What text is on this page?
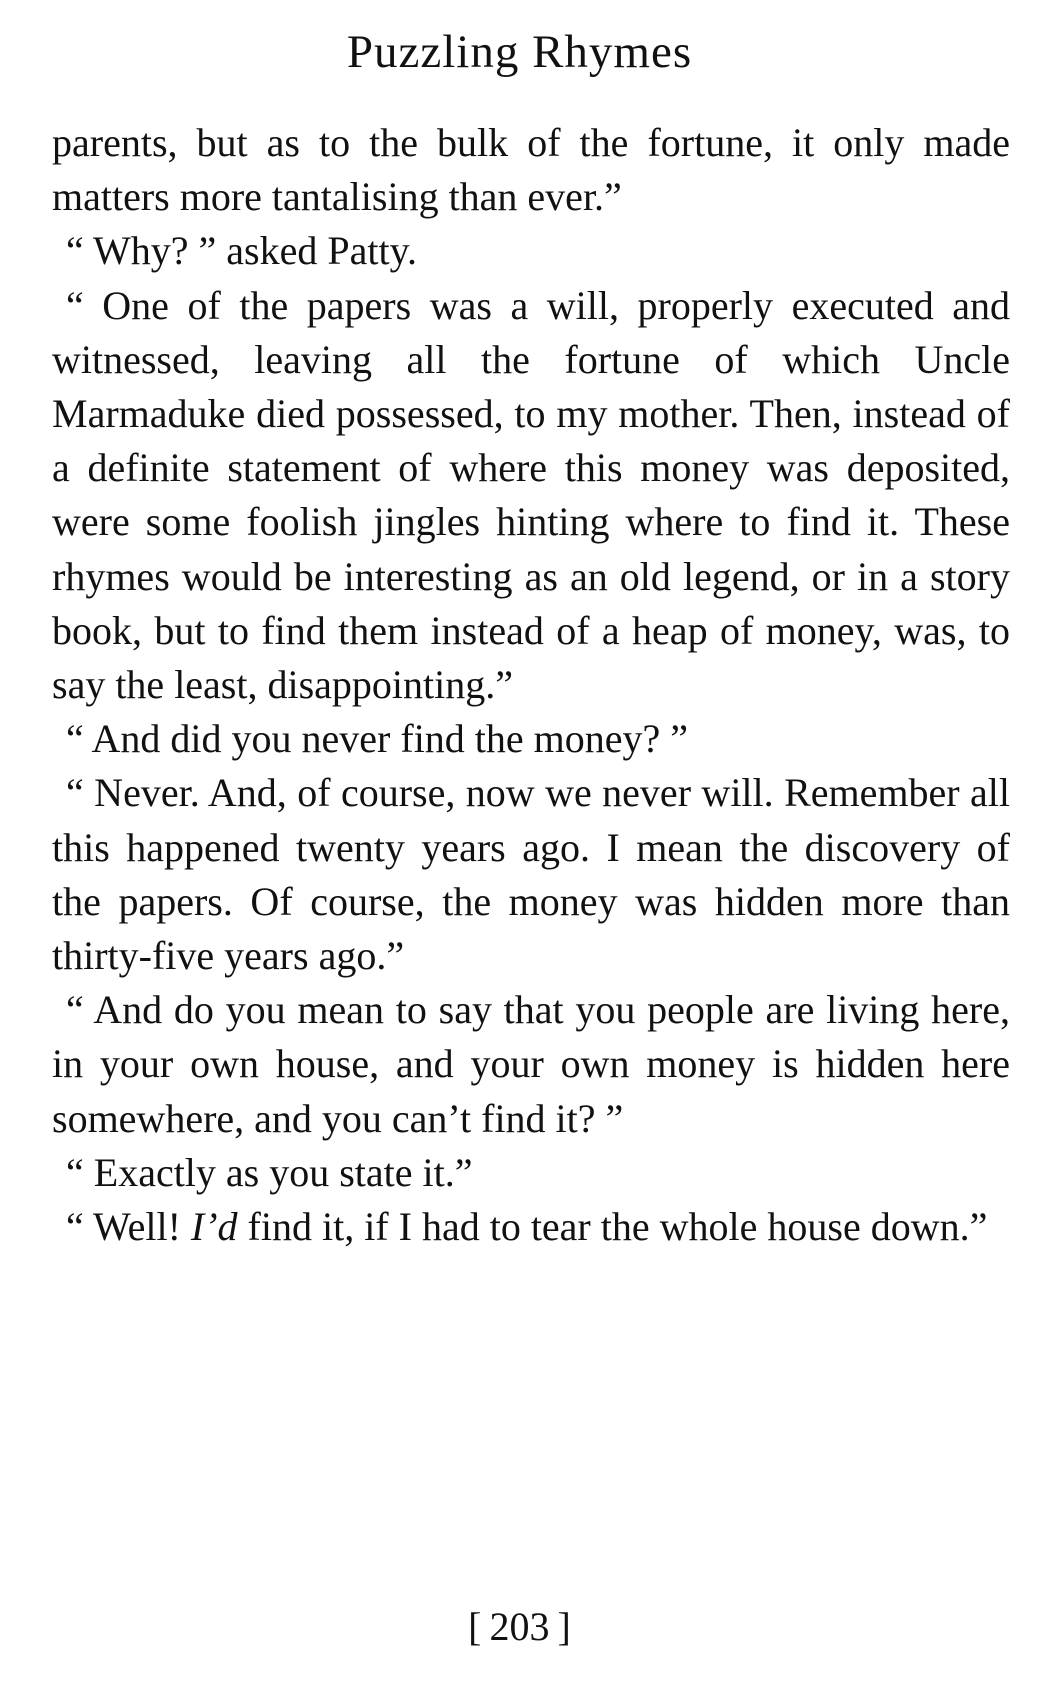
Puzzling Rhymes

parents, but as to the bulk of the fortune, it only made matters more tantalising than ever.”

“ Why? ” asked Patty.

“ One of the papers was a will, properly executed and witnessed, leaving all the fortune of which Uncle Marmaduke died possessed, to my mother. Then, instead of a definite statement of where this money was deposited, were some foolish jingles hinting where to find it. These rhymes would be interesting as an old legend, or in a story book, but to find them instead of a heap of money, was, to say the least, disappointing.”

“ And did you never find the money? ”

“ Never. And, of course, now we never will. Remember all this happened twenty years ago. I mean the discovery of the papers. Of course, the money was hidden more than thirty-five years ago.”

“ And do you mean to say that you people are living here, in your own house, and your own money is hidden here somewhere, and you can’t find it? ”

“ Exactly as you state it.”

“ Well! I’d find it, if I had to tear the whole house down.”

[ 203 ]
